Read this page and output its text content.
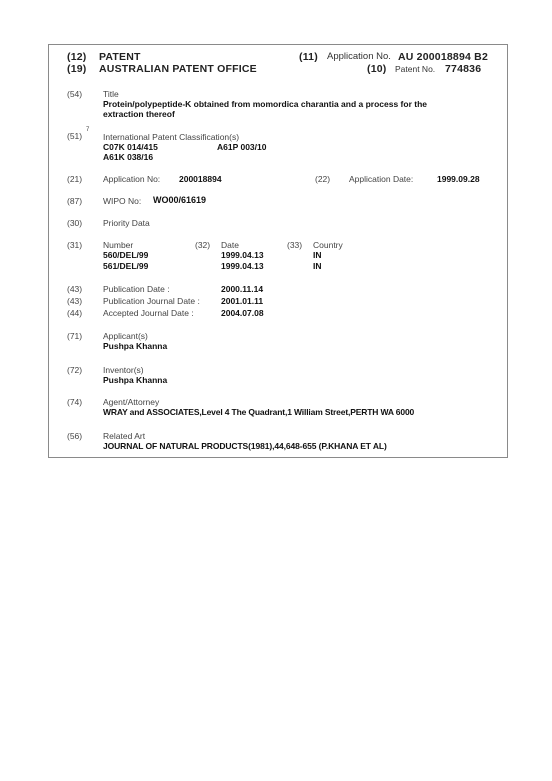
(12) PATENT
(19) AUSTRALIAN PATENT OFFICE
(11) Application No. AU 200018894 B2
(10) Patent No. 774836
(54) Title
Protein/polypeptide-K obtained from momordica charantia and a process for the
extraction thereof
(51)
7
International Patent Classification(s)
C07K 014/415	A61P 003/10
A61K 038/16
(21) Application No: 200018894	(22) Application Date:	1999.09.28
(87) WIPO No: WO00/61619
(30) Priority Data
(31) Number	(32) Date	(33) Country
560/DEL/99	1999.04.13	IN
561/DEL/99	1999.04.13	IN
(43) Publication Date :	2000.11.14
(43) Publication Journal Date : 2001.01.11
(44) Accepted Journal Date :	2004.07.08
(71) Applicant(s)
Pushpa Khanna
(72) Inventor(s)
Pushpa Khanna
(74) Agent/Attorney
WRAY and ASSOCIATES,Level 4 The Quadrant,1 William Street,PERTH WA 6000
(56) Related Art
JOURNAL OF NATURAL PRODUCTS(1981),44,648-655 (P.KHANA ET AL)
